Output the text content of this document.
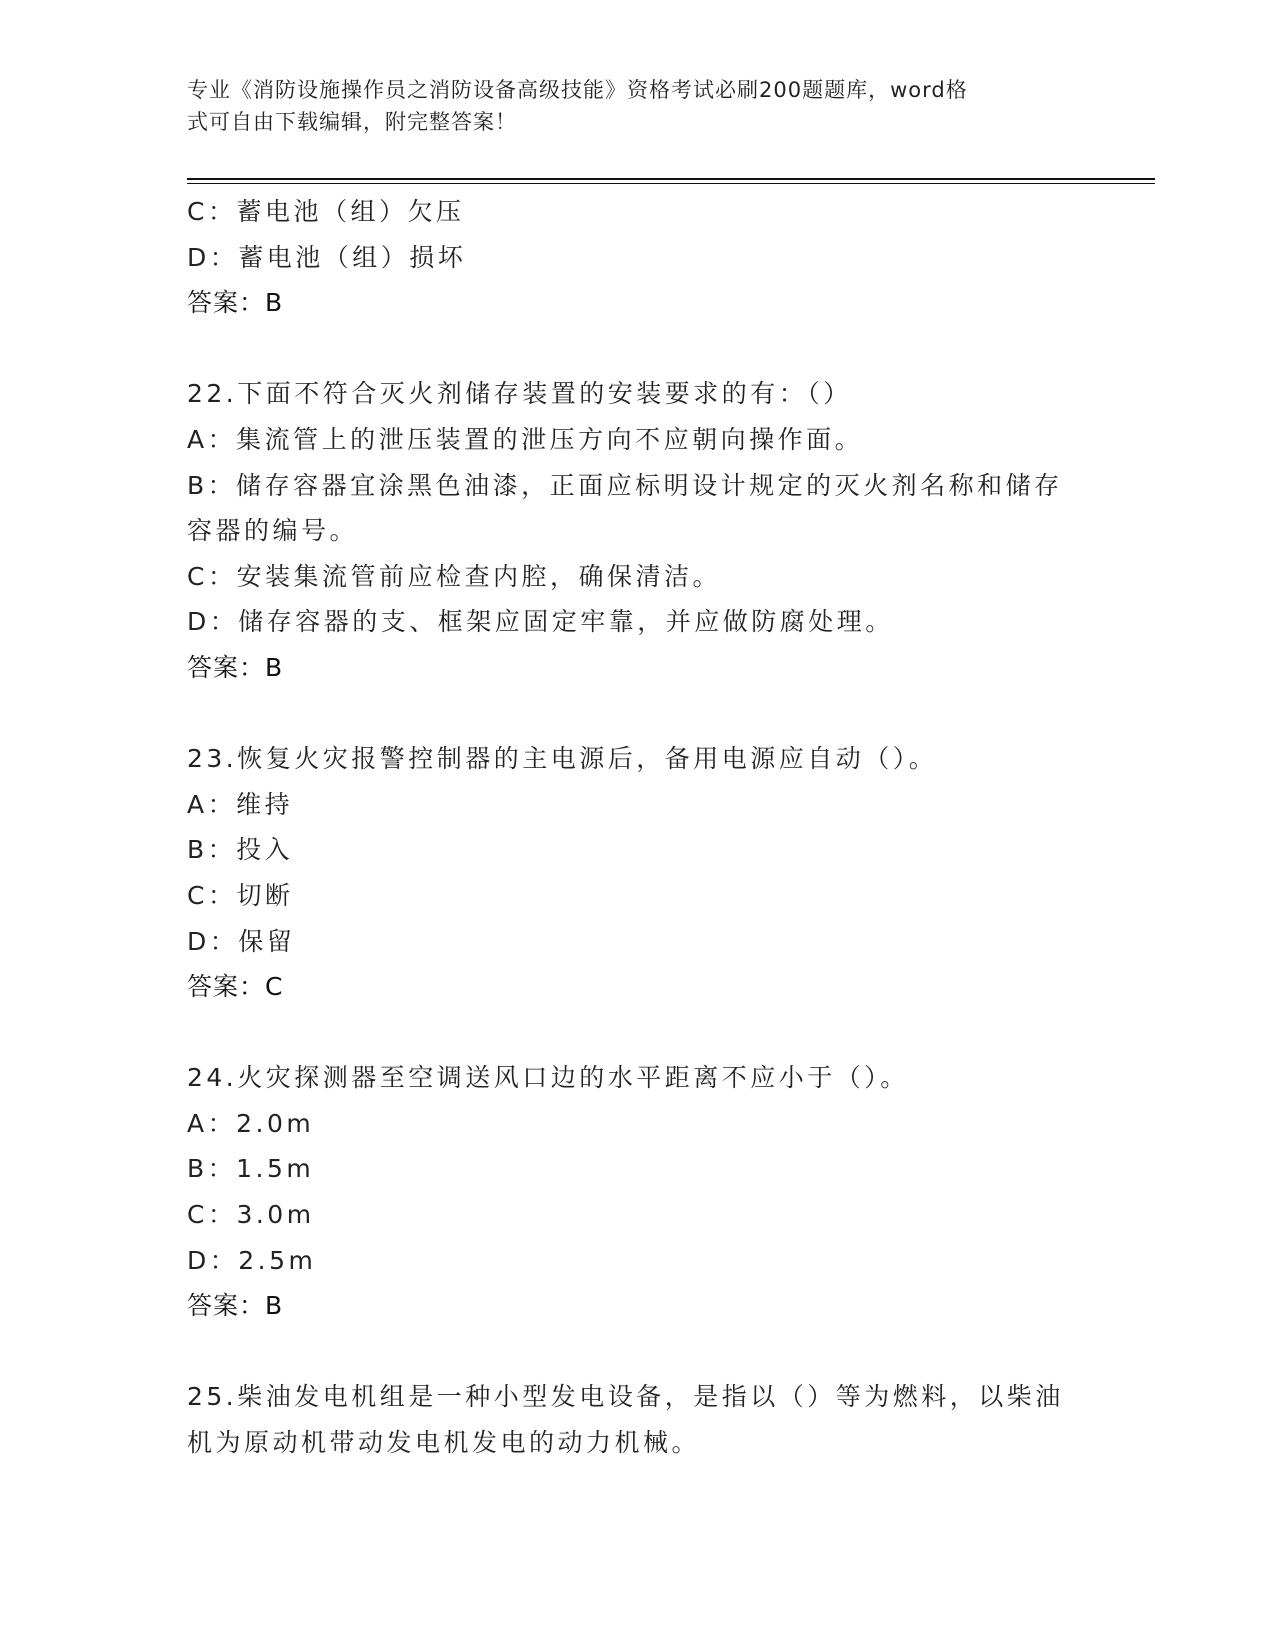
专业《消防设施操作员之消防设备高级技能》资格考试必刷200题题库，word格
式可自由下载编辑，附完整答案！
C：蓄电池（组）欠压
D：蓄电池（组）损坏
答案：B
22.下面不符合灭火剂储存装置的安装要求的有：（）
A：集流管上的泄压装置的泄压方向不应朝向操作面。
B：储存容器宜涂黑色油漆，正面应标明设计规定的灭火剂名称和储存
容器的编号。
C：安装集流管前应检查内腔，确保清洁。
D：储存容器的支、框架应固定牢靠，并应做防腐处理。
答案：B
23.恢复火灾报警控制器的主电源后，备用电源应自动（）。
A：维持
B：投入
C：切断
D：保留
答案：C
24.火灾探测器至空调送风口边的水平距离不应小于（）。
A：2.0m
B：1.5m
C：3.0m
D：2.5m
答案：B
25.柴油发电机组是一种小型发电设备，是指以（）等为燃料，以柴油
机为原动机带动发电机发电的动力机械。
